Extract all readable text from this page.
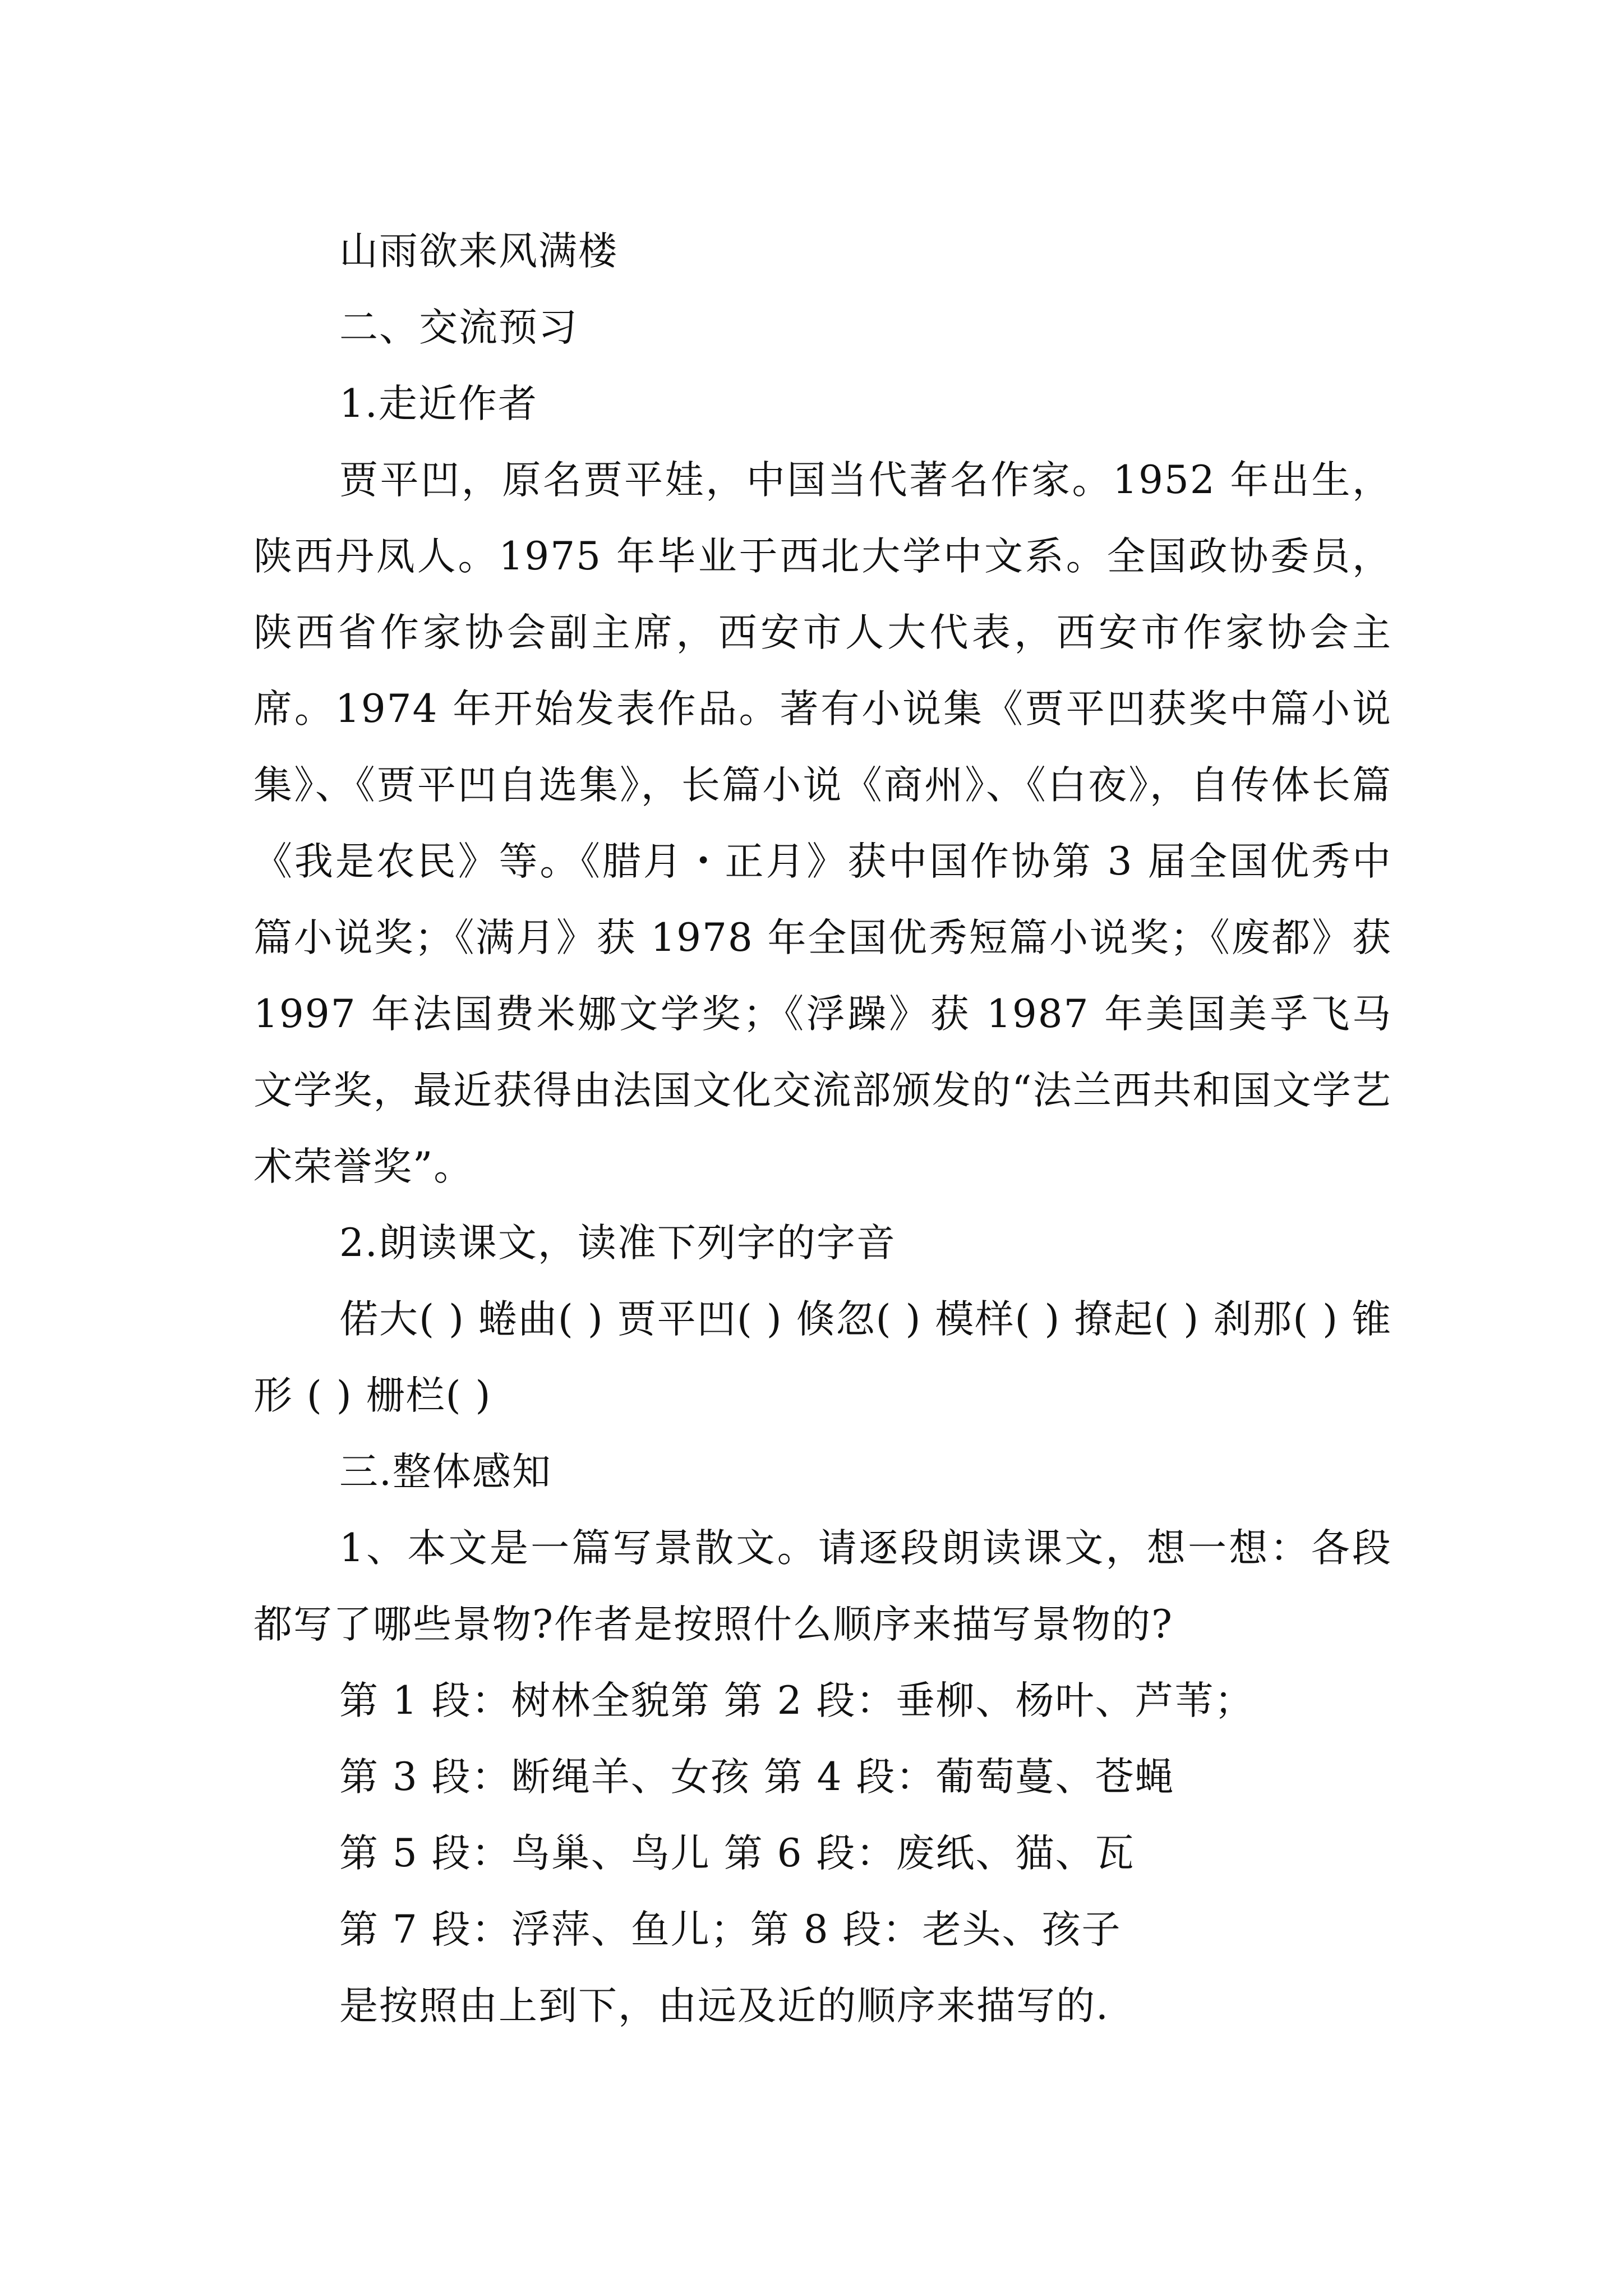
山雨欲来风满楼

二、交流预习

1.走近作者

贾平凹，原名贾平娃，中国当代著名作家。1952 年出生，陕西丹凤人。1975 年毕业于西北大学中文系。全国政协委员，陕西省作家协会副主席，西安市人大代表，西安市作家协会主席。1974 年开始发表作品。著有小说集《贾平凹获奖中篇小说集》、《贾平凹自选集》，长篇小说《商州》、《白夜》，自传体长篇《我是农民》等。《腊月・正月》获中国作协第 3 届全国优秀中篇小说奖；《满月》获 1978 年全国优秀短篇小说奖；《废都》获 1997 年法国费米娜文学奖；《浮躁》获 1987 年美国美孚飞马文学奖，最近获得由法国文化交流部颁发的“法兰西共和国文学艺术荣誉奖”。

2.朗读课文，读准下列字的字音

偌大( ) 蜷曲( ) 贾平凹( ) 倏忽( ) 模样( ) 撩起( ) 刹那( ) 锥形 ( ) 栅栏( )

三.整体感知

1、本文是一篇写景散文。请逐段朗读课文，想一想：各段都写了哪些景物?作者是按照什么顺序来描写景物的?

第 1 段：树林全貌第 第 2 段：垂柳、杨叶、芦苇；

第 3 段：断绳羊、女孩 第 4 段：葡萄蔓、苍蝇

第 5 段：鸟巢、鸟儿 第 6 段：废纸、猫、瓦

第 7 段：浮萍、鱼儿；第 8 段：老头、孩子

是按照由上到下，由远及近的顺序来描写的.
